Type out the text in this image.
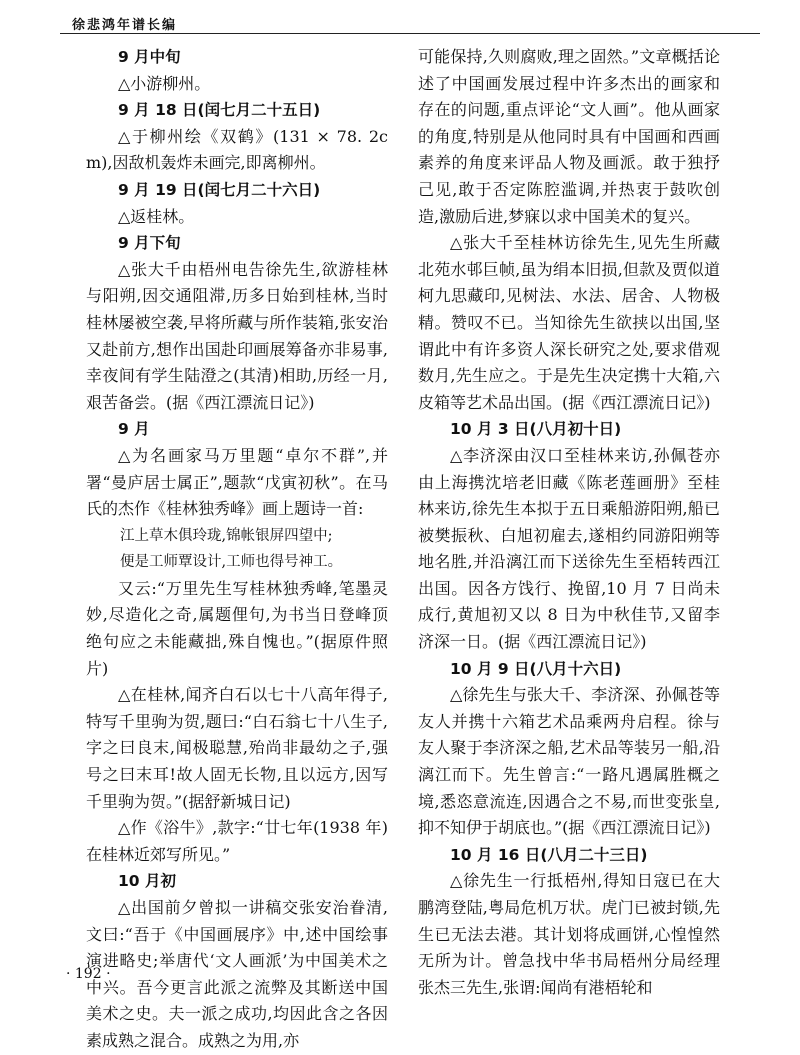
徐悲鸿年谱长编
9 月中旬
△小游柳州。
9 月 18 日(闰七月二十五日)
△于柳州绘《双鹤》(131 × 78. 2cm),因敌机轰炸未画完,即离柳州。
9 月 19 日(闰七月二十六日)
△返桂林。
9 月下旬
△张大千由梧州电告徐先生,欲游桂林与阳朔,因交通阻滞,历多日始到桂林,当时桂林屡被空袭,早将所藏与所作装箱,张安治又赴前方,想作出国赴印画展筹备亦非易事,幸夜间有学生陆澄之(其清)相助,历经一月,艰苦备尝。(据《西江漂流日记》)
9 月
△为名画家马万里题“卓尔不群”,并署“曼庐居士属正”,题款“戊寅初秋”。在马氏的杰作《桂林独秀峰》画上题诗一首:
江上草木俱玲珑,锦帐银屏四望中;
便是工师覃设计,工师也得号神工。
又云:“万里先生写桂林独秀峰,笔墨灵妙,尽造化之奇,属题俚句,为书当日登峰顶绝句应之未能藏拙,殊自愧也。”(据原件照片)
△在桂林,闻齐白石以七十八高年得子,特写千里驹为贺,题曰:“白石翁七十八生子,字之曰良末,闻极聪慧,殆尚非最幼之子,强号之曰末耳!故人固无长物,且以远方,因写千里驹为贺。”(据舒新城日记)
△作《浴牛》,款字:“廿七年(1938 年)在桂林近郊写所见。”
10 月初
△出国前夕曾拟一讲稿交张安治眷清,文曰:“吾于《中国画展序》中,述中国绘事演进略史;举唐代‘文人画派’为中国美术之中兴。吾今更言此派之流弊及其断送中国美术之史。夫一派之成功,均因此含之各因素成熟之混合。成熟之为用,亦
可能保持,久则腐败,理之固然。”文章概括论述了中国画发展过程中许多杰出的画家和存在的问题,重点评论“文人画”。他从画家的角度,特别是从他同时具有中国画和西画素养的角度来评品人物及画派。敢于独抒己见,敢于否定陈腔滥调,并热衷于鼓吹创造,激励后进,梦寐以求中国美术的复兴。
△张大千至桂林访徐先生,见先生所藏北苑水邨巨帧,虽为绢本旧损,但款及贾似道柯九思藏印,见树法、水法、居舍、人物极精。赞叹不已。当知徐先生欲挟以出国,坚谓此中有许多资人深长研究之处,要求借观数月,先生应之。于是先生决定携十大箱,六皮箱等艺术品出国。(据《西江漂流日记》)
10 月 3 日(八月初十日)
△李济深由汉口至桂林来访,孙佩苍亦由上海携沈培老旧藏《陈老莲画册》至桂林来访,徐先生本拟于五日乘船游阳朔,船已被樊振秋、白旭初雇去,遂相约同游阳朔等地名胜,并沿漓江而下送徐先生至梧转西江出国。因各方饯行、挽留,10 月 7 日尚未成行,黄旭初又以 8 日为中秋佳节,又留李济深一日。(据《西江漂流日记》)
10 月 9 日(八月十六日)
△徐先生与张大千、李济深、孙佩苍等友人并携十六箱艺术品乘两舟启程。徐与友人聚于李济深之船,艺术品等装另一船,沿漓江而下。先生曾言:“一路凡遇属胜概之境,悉恣意流连,因遇合之不易,而世变张皇,抑不知伊于胡底也。”(据《西江漂流日记》)
10 月 16 日(八月二十三日)
△徐先生一行抵梧州,得知日寇已在大鹏湾登陆,粤局危机万状。虎门已被封锁,先生已无法去港。其计划将成画饼,心惶惶然无所为计。曾急找中华书局梧州分局经理张杰三先生,张谓:闻尚有港梧轮和
· 192 ·
